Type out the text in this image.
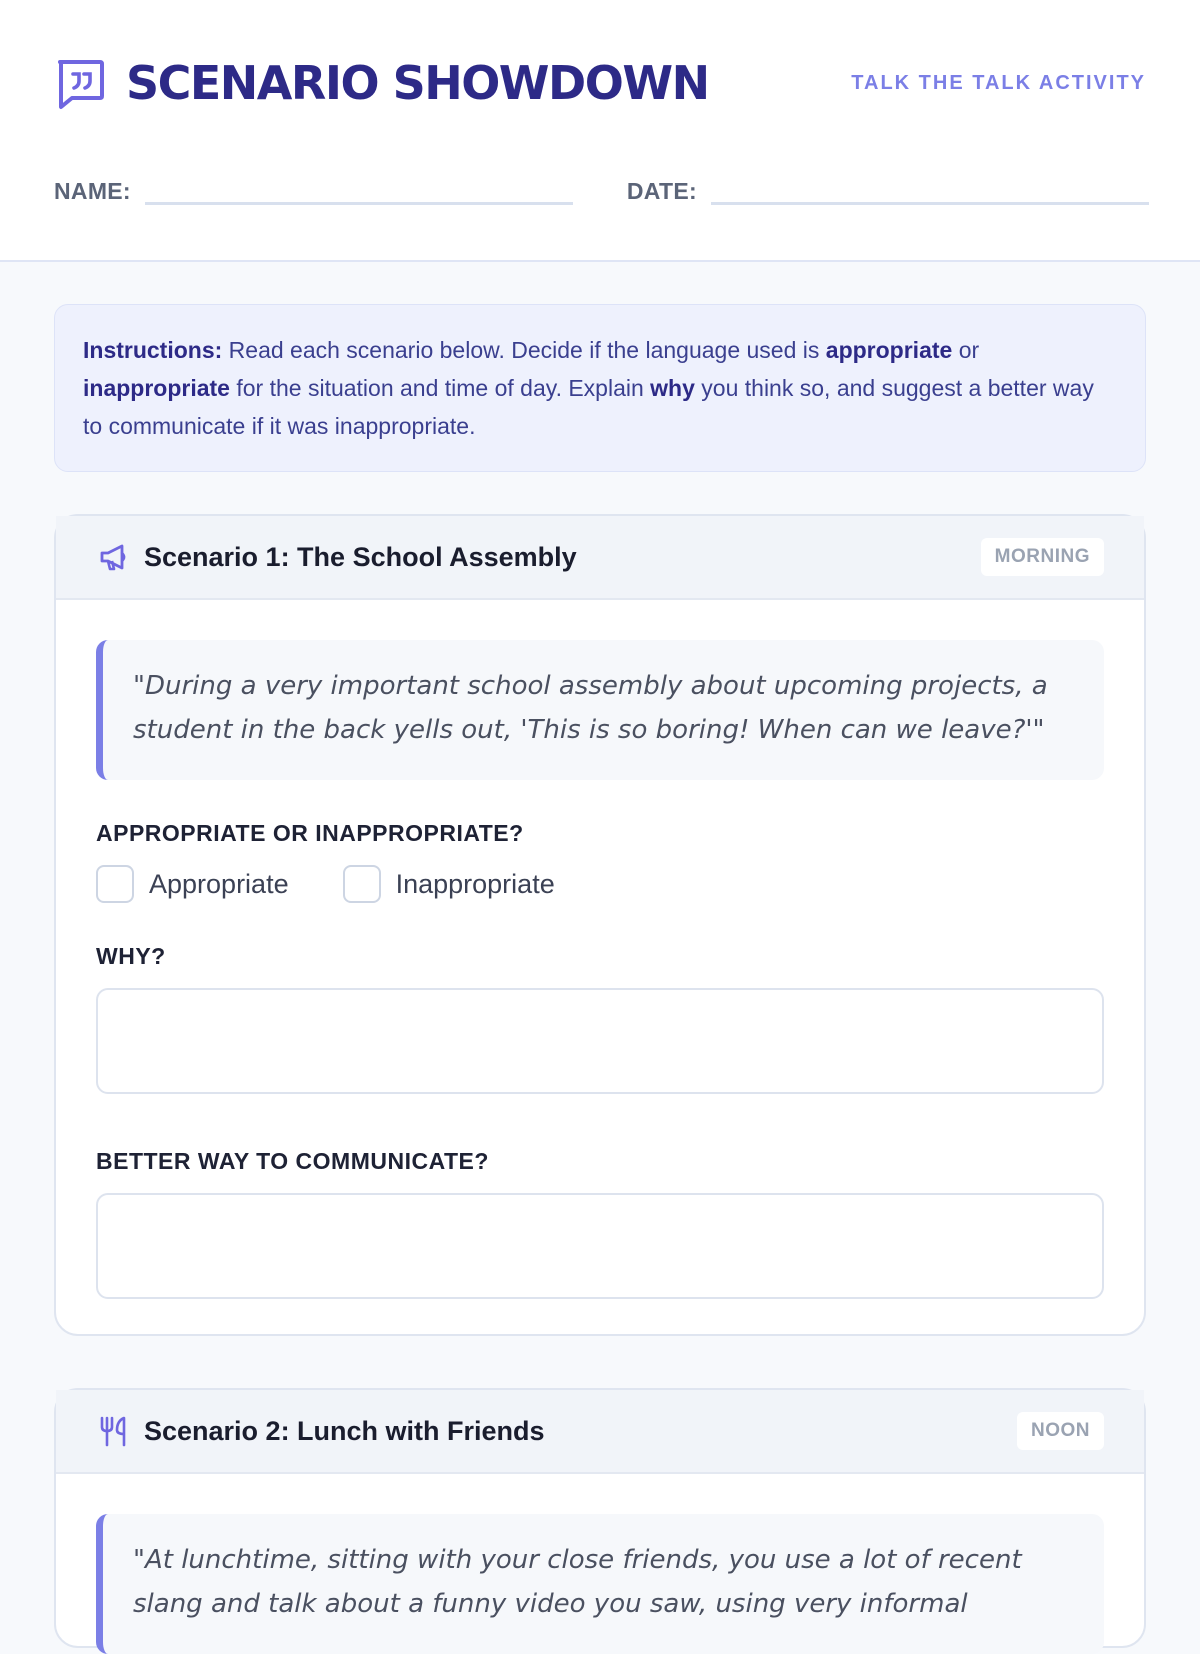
SCENARIO SHOWDOWN	TALK THE TALK ACTIVITY
NAME:	DATE:
Instructions: Read each scenario below. Decide if the language used is appropriate or inappropriate for the situation and time of day. Explain why you think so, and suggest a better way to communicate if it was inappropriate.
Scenario 1: The School Assembly	MORNING
"During a very important school assembly about upcoming projects, a student in the back yells out, 'This is so boring! When can we leave?'"
APPROPRIATE OR INAPPROPRIATE?
Appropriate	Inappropriate
WHY?
BETTER WAY TO COMMUNICATE?
Scenario 2: Lunch with Friends	NOON
"At lunchtime, sitting with your close friends, you use a lot of recent slang and talk about a funny video you saw, using very informal
